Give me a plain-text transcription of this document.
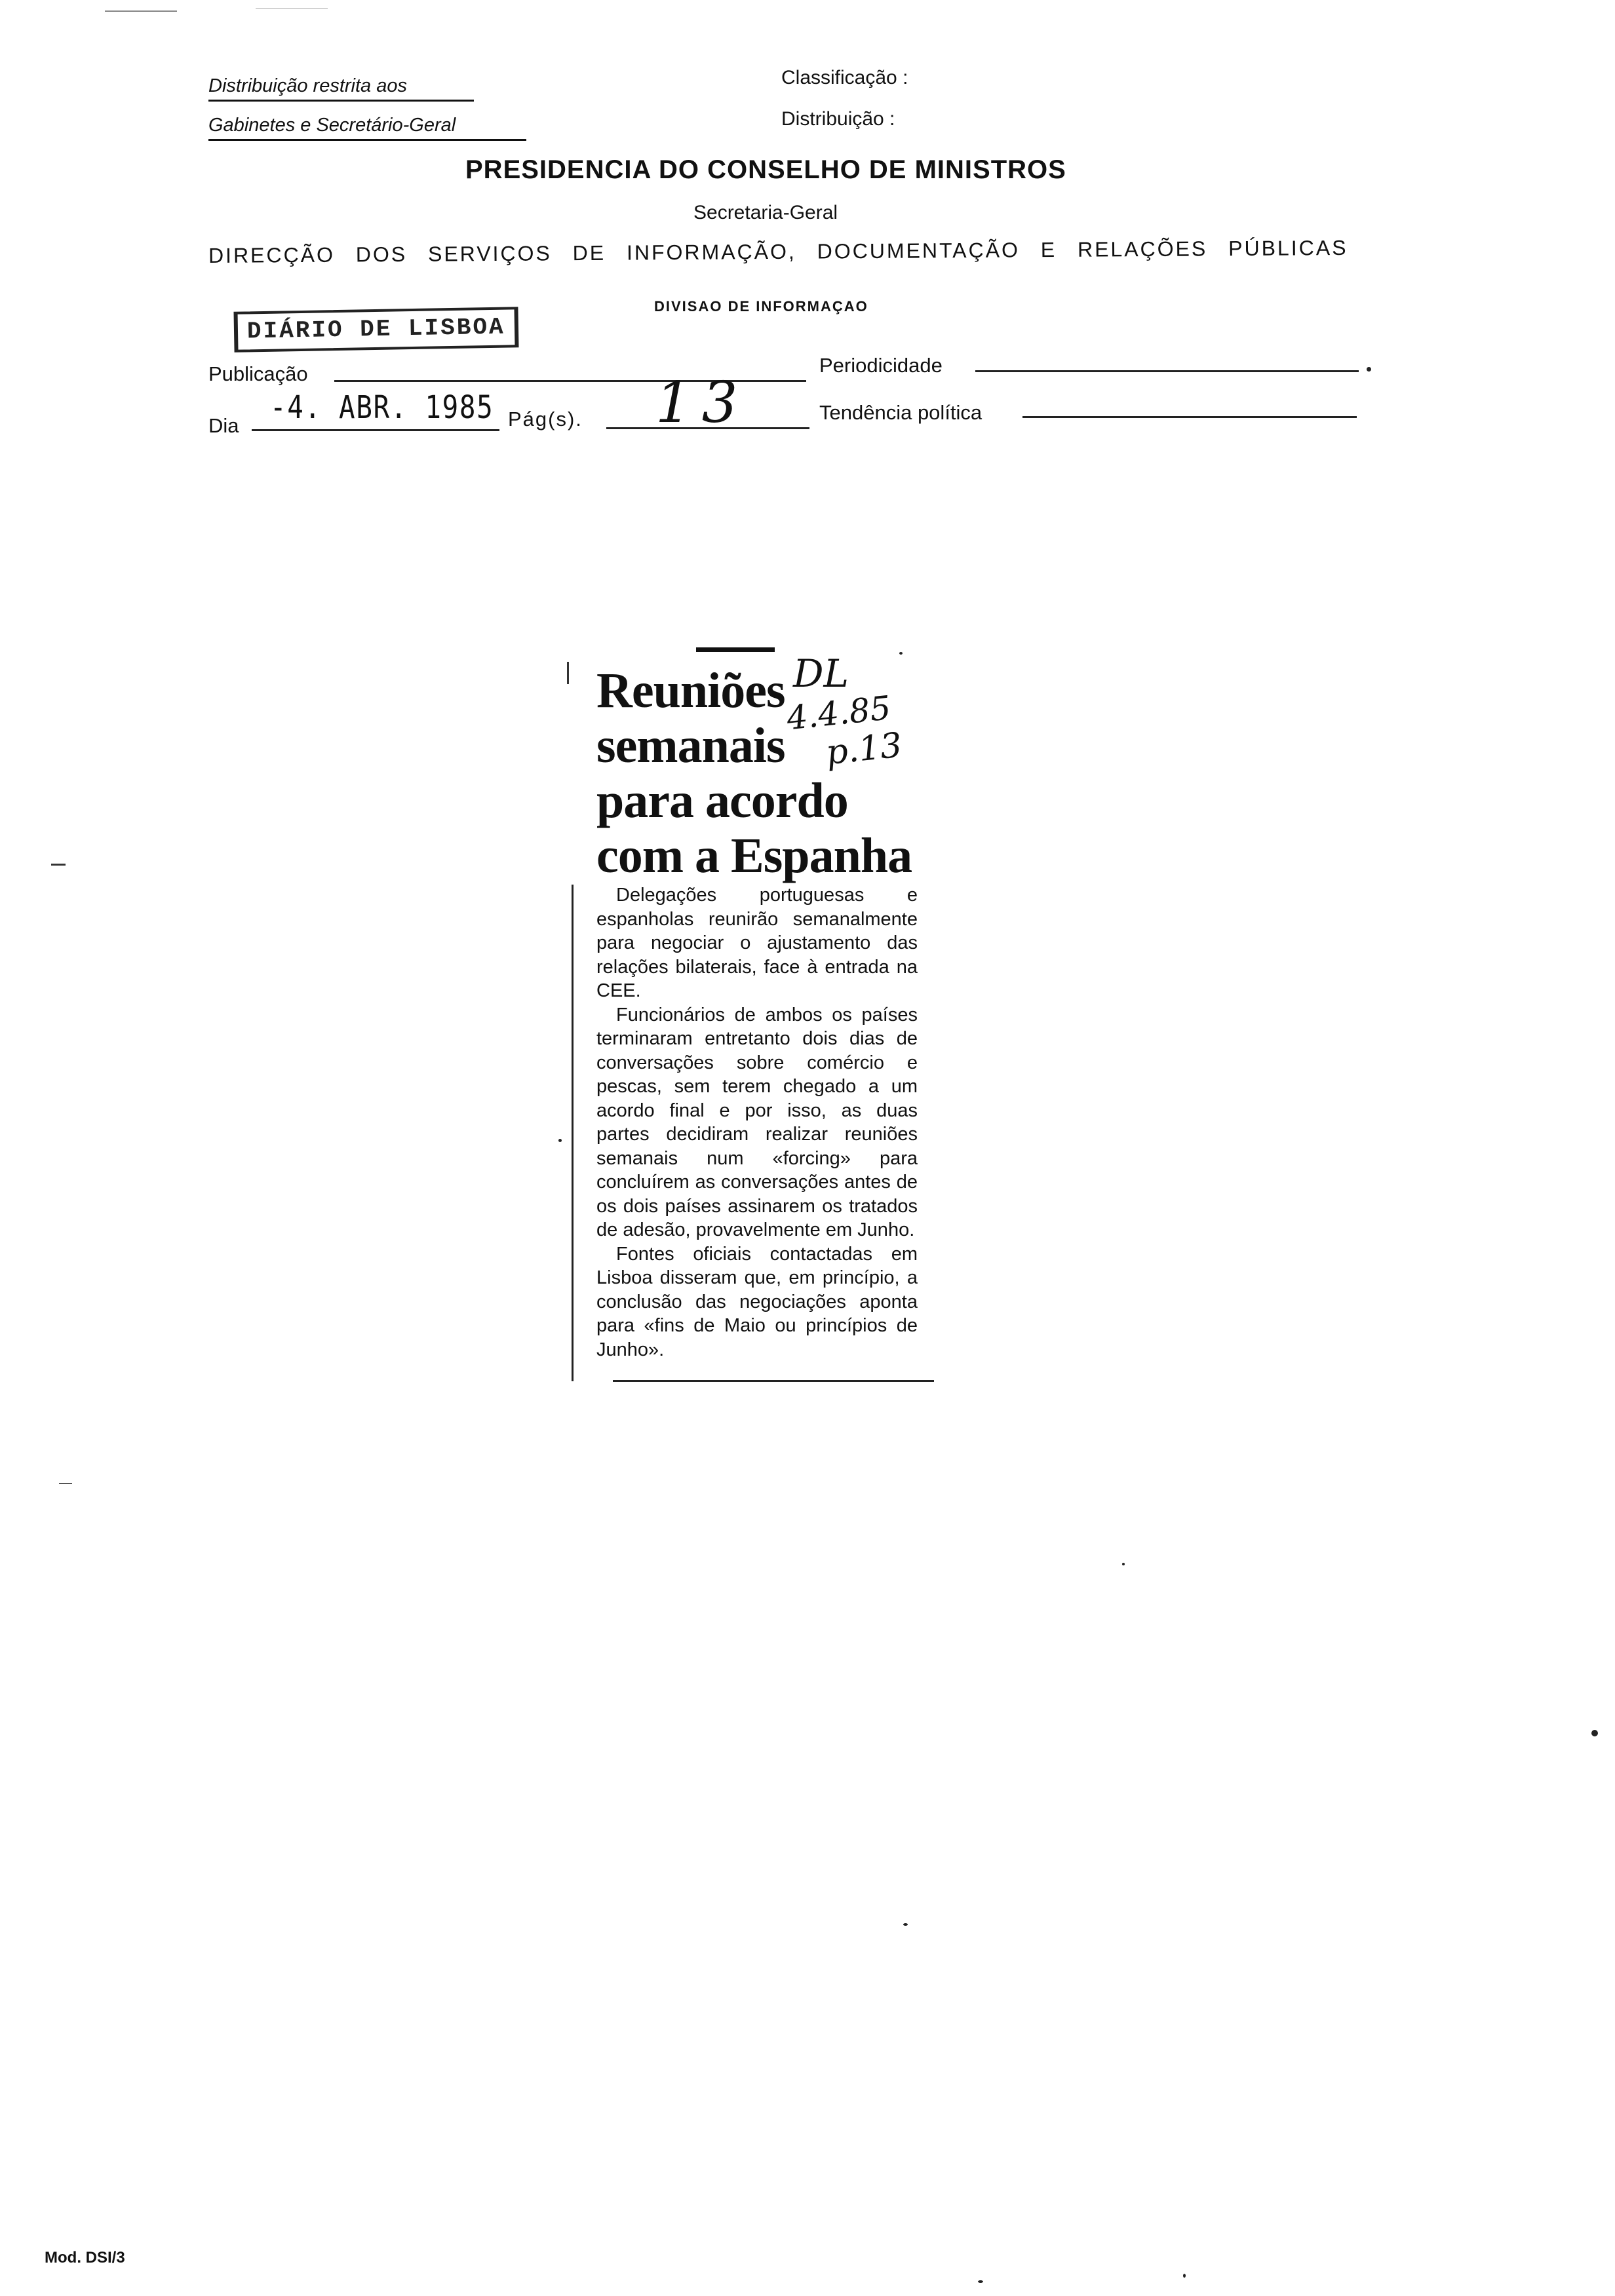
Distribuição restrita aos
Gabinetes e Secretário-Geral
Classificação :
Distribuição :
PRESIDENCIA DO CONSELHO DE MINISTROS
Secretaria-Geral
DIRECÇÃO DOS SERVIÇOS DE INFORMAÇÃO, DOCUMENTAÇÃO E RELAÇÕES PÚBLICAS
DIVISAO DE INFORMAÇAO
DIÁRIO DE LISBOA
Publicação	Periodicidade
Dia -4. ABR. 1985 Pág(s). 13	Tendência política
Reuniões
semanais
para acordo
com a Espanha
DL
4.4.85
p.13

Delegações portuguesas e espanholas reunirão semanalmente para negociar o ajustamento das relações bilaterais, face à entrada na CEE.

Funcionários de ambos os países terminaram entretanto dois dias de conversações sobre comércio e pescas, sem terem chegado a um acordo final e por isso, as duas partes decidiram realizar reuniões semanais num «forcing» para concluírem as conversações antes de os dois países assinarem os tratados de adesão, provavelmente em Junho.

Fontes oficiais contactadas em Lisboa disseram que, em princípio, a conclusão das negociações aponta para «fins de Maio ou princípios de Junho».

Mod. DSI/3
